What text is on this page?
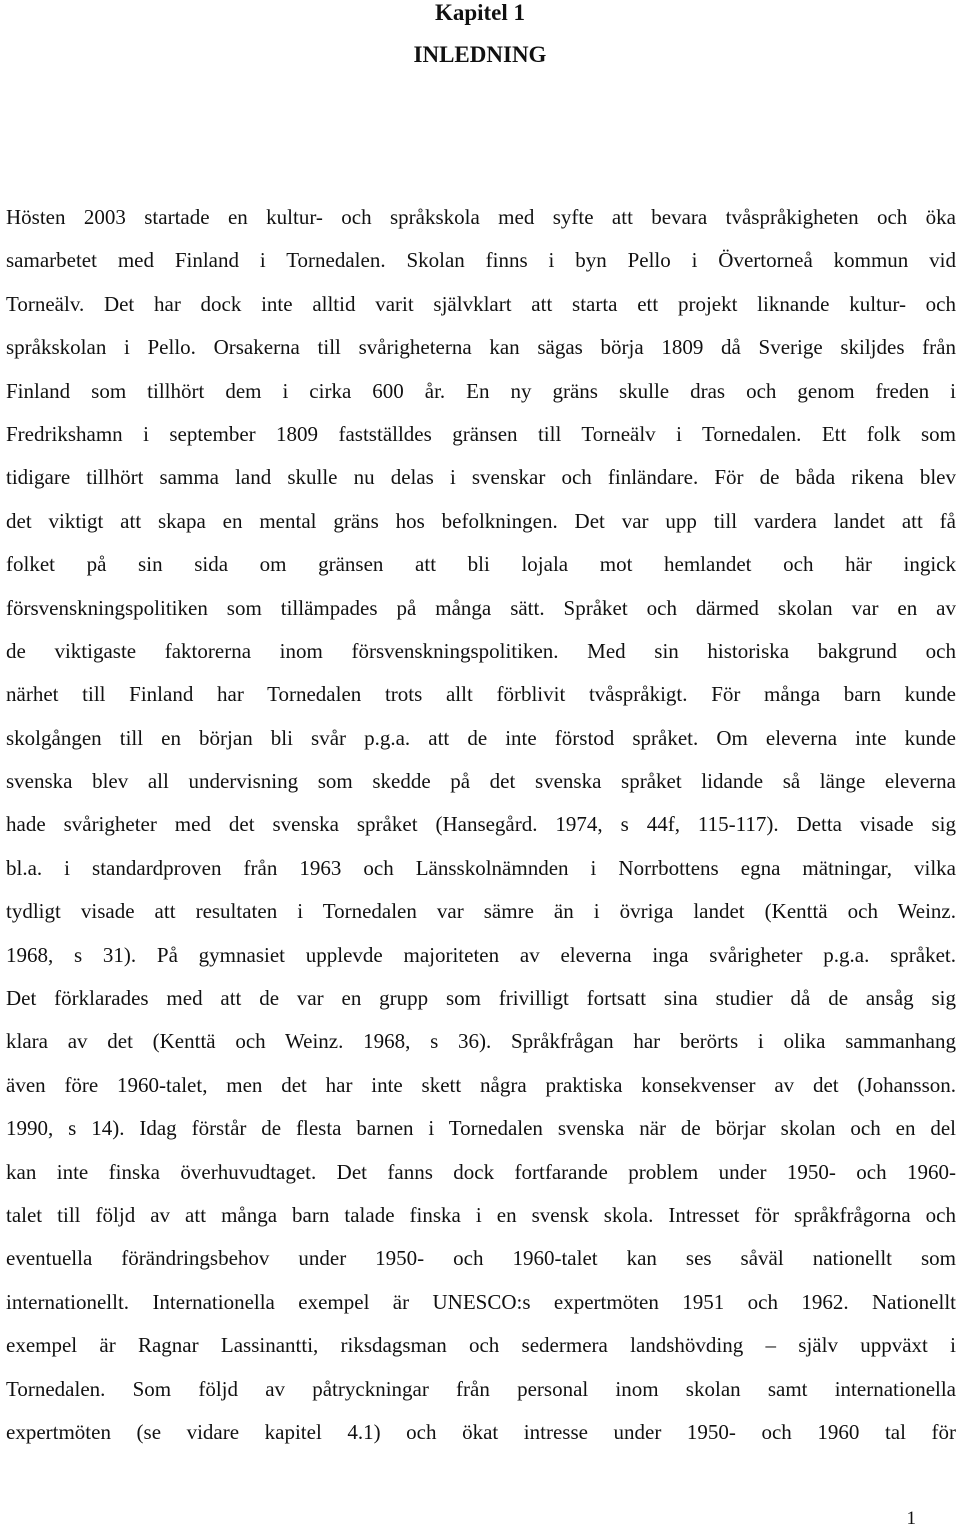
Kapitel 1
INLEDNING
Hösten 2003 startade en kultur- och språkskola med syfte att bevara tvåspråkigheten och öka
samarbetet med Finland i Tornedalen. Skolan finns i byn Pello i Övertorneå kommun vid
Torneälv. Det har dock inte alltid varit självklart att starta ett projekt liknande kultur- och
språkskolan i Pello. Orsakerna till svårigheterna kan sägas börja 1809 då Sverige skiljdes från
Finland som tillhört dem i cirka 600 år. En ny gräns skulle dras och genom freden i
Fredrikshamn i september 1809 fastställdes gränsen till Torneälv i Tornedalen. Ett folk som
tidigare tillhört samma land skulle nu delas i svenskar och finländare. För de båda rikena blev
det viktigt att skapa en mental gräns hos befolkningen. Det var upp till vardera landet att få
folket på sin sida om gränsen att bli lojala mot hemlandet och här ingick
försvenskningspolitiken som tillämpades på många sätt. Språket och därmed skolan var en av
de viktigaste faktorerna inom försvenskningspolitiken. Med sin historiska bakgrund och
närhet till Finland har Tornedalen trots allt förblivit tvåspråkigt. För många barn kunde
skolgången till en början bli svår p.g.a. att de inte förstod språket. Om eleverna inte kunde
svenska blev all undervisning som skedde på det svenska språket lidande så länge eleverna
hade svårigheter med det svenska språket (Hansegård. 1974, s 44f, 115-117). Detta visade sig
bl.a. i standardproven från 1963 och Länsskolnämnden i Norrbottens egna mätningar, vilka
tydligt visade att resultaten i Tornedalen var sämre än i övriga landet (Kenttä och Weinz.
1968, s 31). På gymnasiet upplevde majoriteten av eleverna inga svårigheter p.g.a. språket.
Det förklarades med att de var en grupp som frivilligt fortsatt sina studier då de ansåg sig
klara av det (Kenttä och Weinz. 1968, s 36). Språkfrågan har berörts i olika sammanhang
även före 1960-talet, men det har inte skett några praktiska konsekvenser av det (Johansson.
1990, s 14). Idag förstår de flesta barnen i Tornedalen svenska när de börjar skolan och en del
kan inte finska överhuvudtaget. Det fanns dock fortfarande problem under 1950- och 1960-
talet till följd av att många barn talade finska i en svensk skola. Intresset för språkfrågorna och
eventuella förändringsbehov under 1950- och 1960-talet kan ses såväl nationellt som
internationellt. Internationella exempel är UNESCO:s expertmöten 1951 och 1962. Nationellt
exempel är Ragnar Lassinantti, riksdagsman och sedermera landshövding – själv uppväxt i
Tornedalen. Som följd av påtryckningar från personal inom skolan samt internationella
expertmöten (se vidare kapitel 4.1) och ökat intresse under 1950- och 1960 tal för
1
